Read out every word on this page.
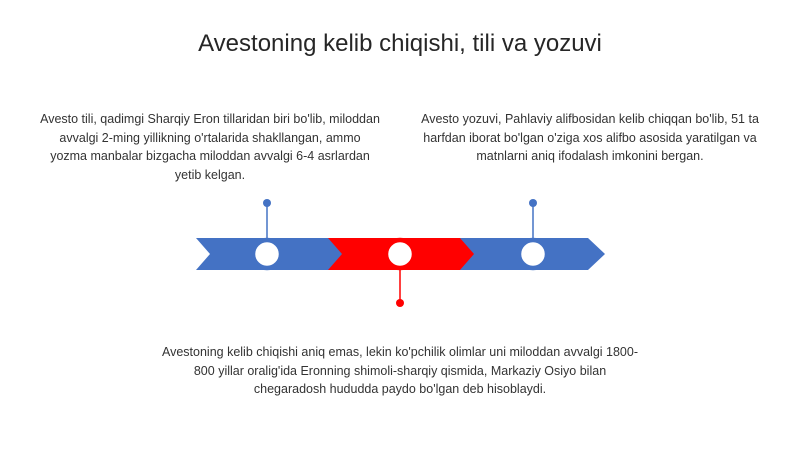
Avestoning kelib chiqishi, tili va yozuvi
Avesto tili, qadimgi Sharqiy Eron tillaridan biri bo'lib, miloddan avvalgi 2-ming yillikning o'rtalarida shakllangan, ammo yozma manbalar bizgacha miloddan avvalgi 6-4 asrlardan yetib kelgan.
Avesto yozuvi, Pahlaviy alifbosidan kelib chiqqan bo'lib, 51 ta harfdan iborat bo'lgan o'ziga xos alifbo asosida yaratilgan va matnlarni aniq ifodalash imkonini bergan.
Avestoning kelib chiqishi aniq emas, lekin ko'pchilik olimlar uni miloddan avvalgi 1800-800 yillar oralig'ida Eronning shimoli-sharqiy qismida, Markaziy Osiyo bilan chegaradosh hududda paydo bo'lgan deb hisoblaydi.
